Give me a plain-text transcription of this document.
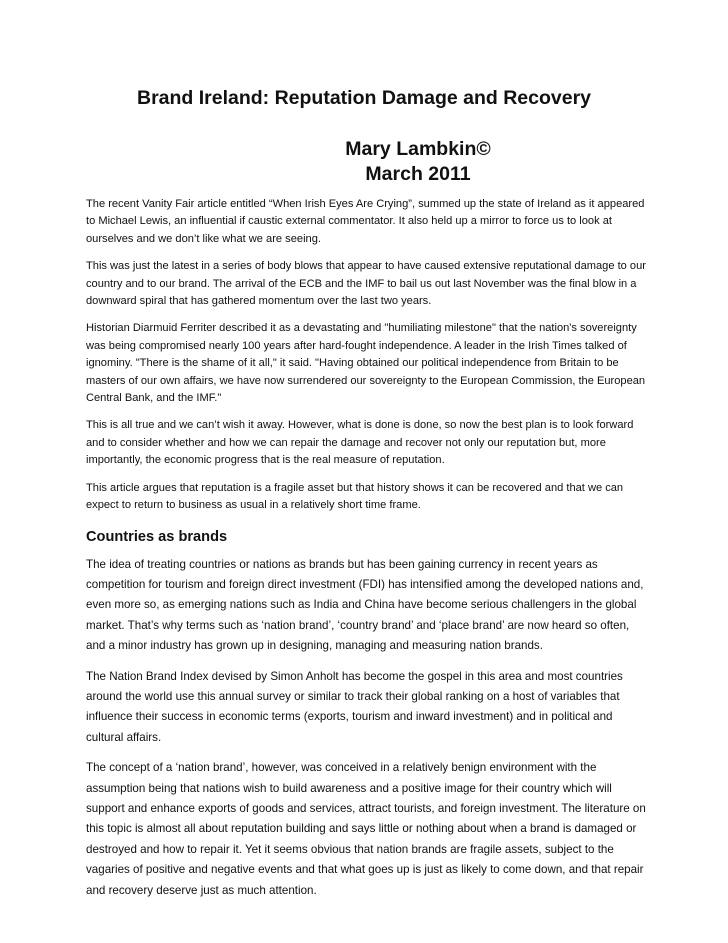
Brand Ireland: Reputation Damage and Recovery
Mary Lambkin©
March 2011

The recent Vanity Fair article entitled “When Irish Eyes Are Crying”, summed up the state of Ireland as it appeared to Michael Lewis, an influential if caustic external commentator. It also held up a mirror to force us to look at ourselves and we don’t like what we are seeing.

This was just the latest in a series of body blows that appear to have caused extensive reputational damage to our country and to our brand. The arrival of the ECB and the IMF to bail us out last November was the final blow in a downward spiral that has gathered momentum over the last two years.

Historian Diarmuid Ferriter described it as a devastating and "humiliating milestone" that the nation's sovereignty was being compromised nearly 100 years after hard-fought independence. A leader in the Irish Times talked of ignominy. "There is the shame of it all," it said. "Having obtained our political independence from Britain to be masters of our own affairs, we have now surrendered our sovereignty to the European Commission, the European Central Bank, and the IMF."

This is all true and we can’t wish it away. However, what is done is done, so now the best plan is to look forward and to consider whether and how we can repair the damage and recover not only our reputation but, more importantly, the economic progress that is the real measure of reputation.

This article argues that reputation is a fragile asset but that history shows it can be recovered and that we can expect to return to business as usual in a relatively short time frame.

Countries as brands

The idea of treating countries or nations as brands but has been gaining currency in recent years as competition for tourism and foreign direct investment (FDI) has intensified among the developed nations and, even more so, as emerging nations such as India and China have become serious challengers in the global market. That’s why terms such as ‘nation brand’, ‘country brand’ and ‘place brand’ are now heard so often, and a minor industry has grown up in designing, managing and measuring nation brands.

The Nation Brand Index devised by Simon Anholt has become the gospel in this area and most countries around the world use this annual survey or similar to track their global ranking on a host of variables that influence their success in economic terms (exports, tourism and inward investment) and in political and cultural affairs.

The concept of a ‘nation brand’, however, was conceived in a relatively benign environment with the assumption being that nations wish to build awareness and a positive image for their country which will support and enhance exports of goods and services, attract tourists, and foreign investment. The literature on this topic is almost all about reputation building and says little or nothing about when a brand is damaged or destroyed and how to repair it. Yet it seems obvious that nation brands are fragile assets, subject to the vagaries of positive and negative events and that what goes up is just as likely to come down, and that repair and recovery deserve just as much attention.
